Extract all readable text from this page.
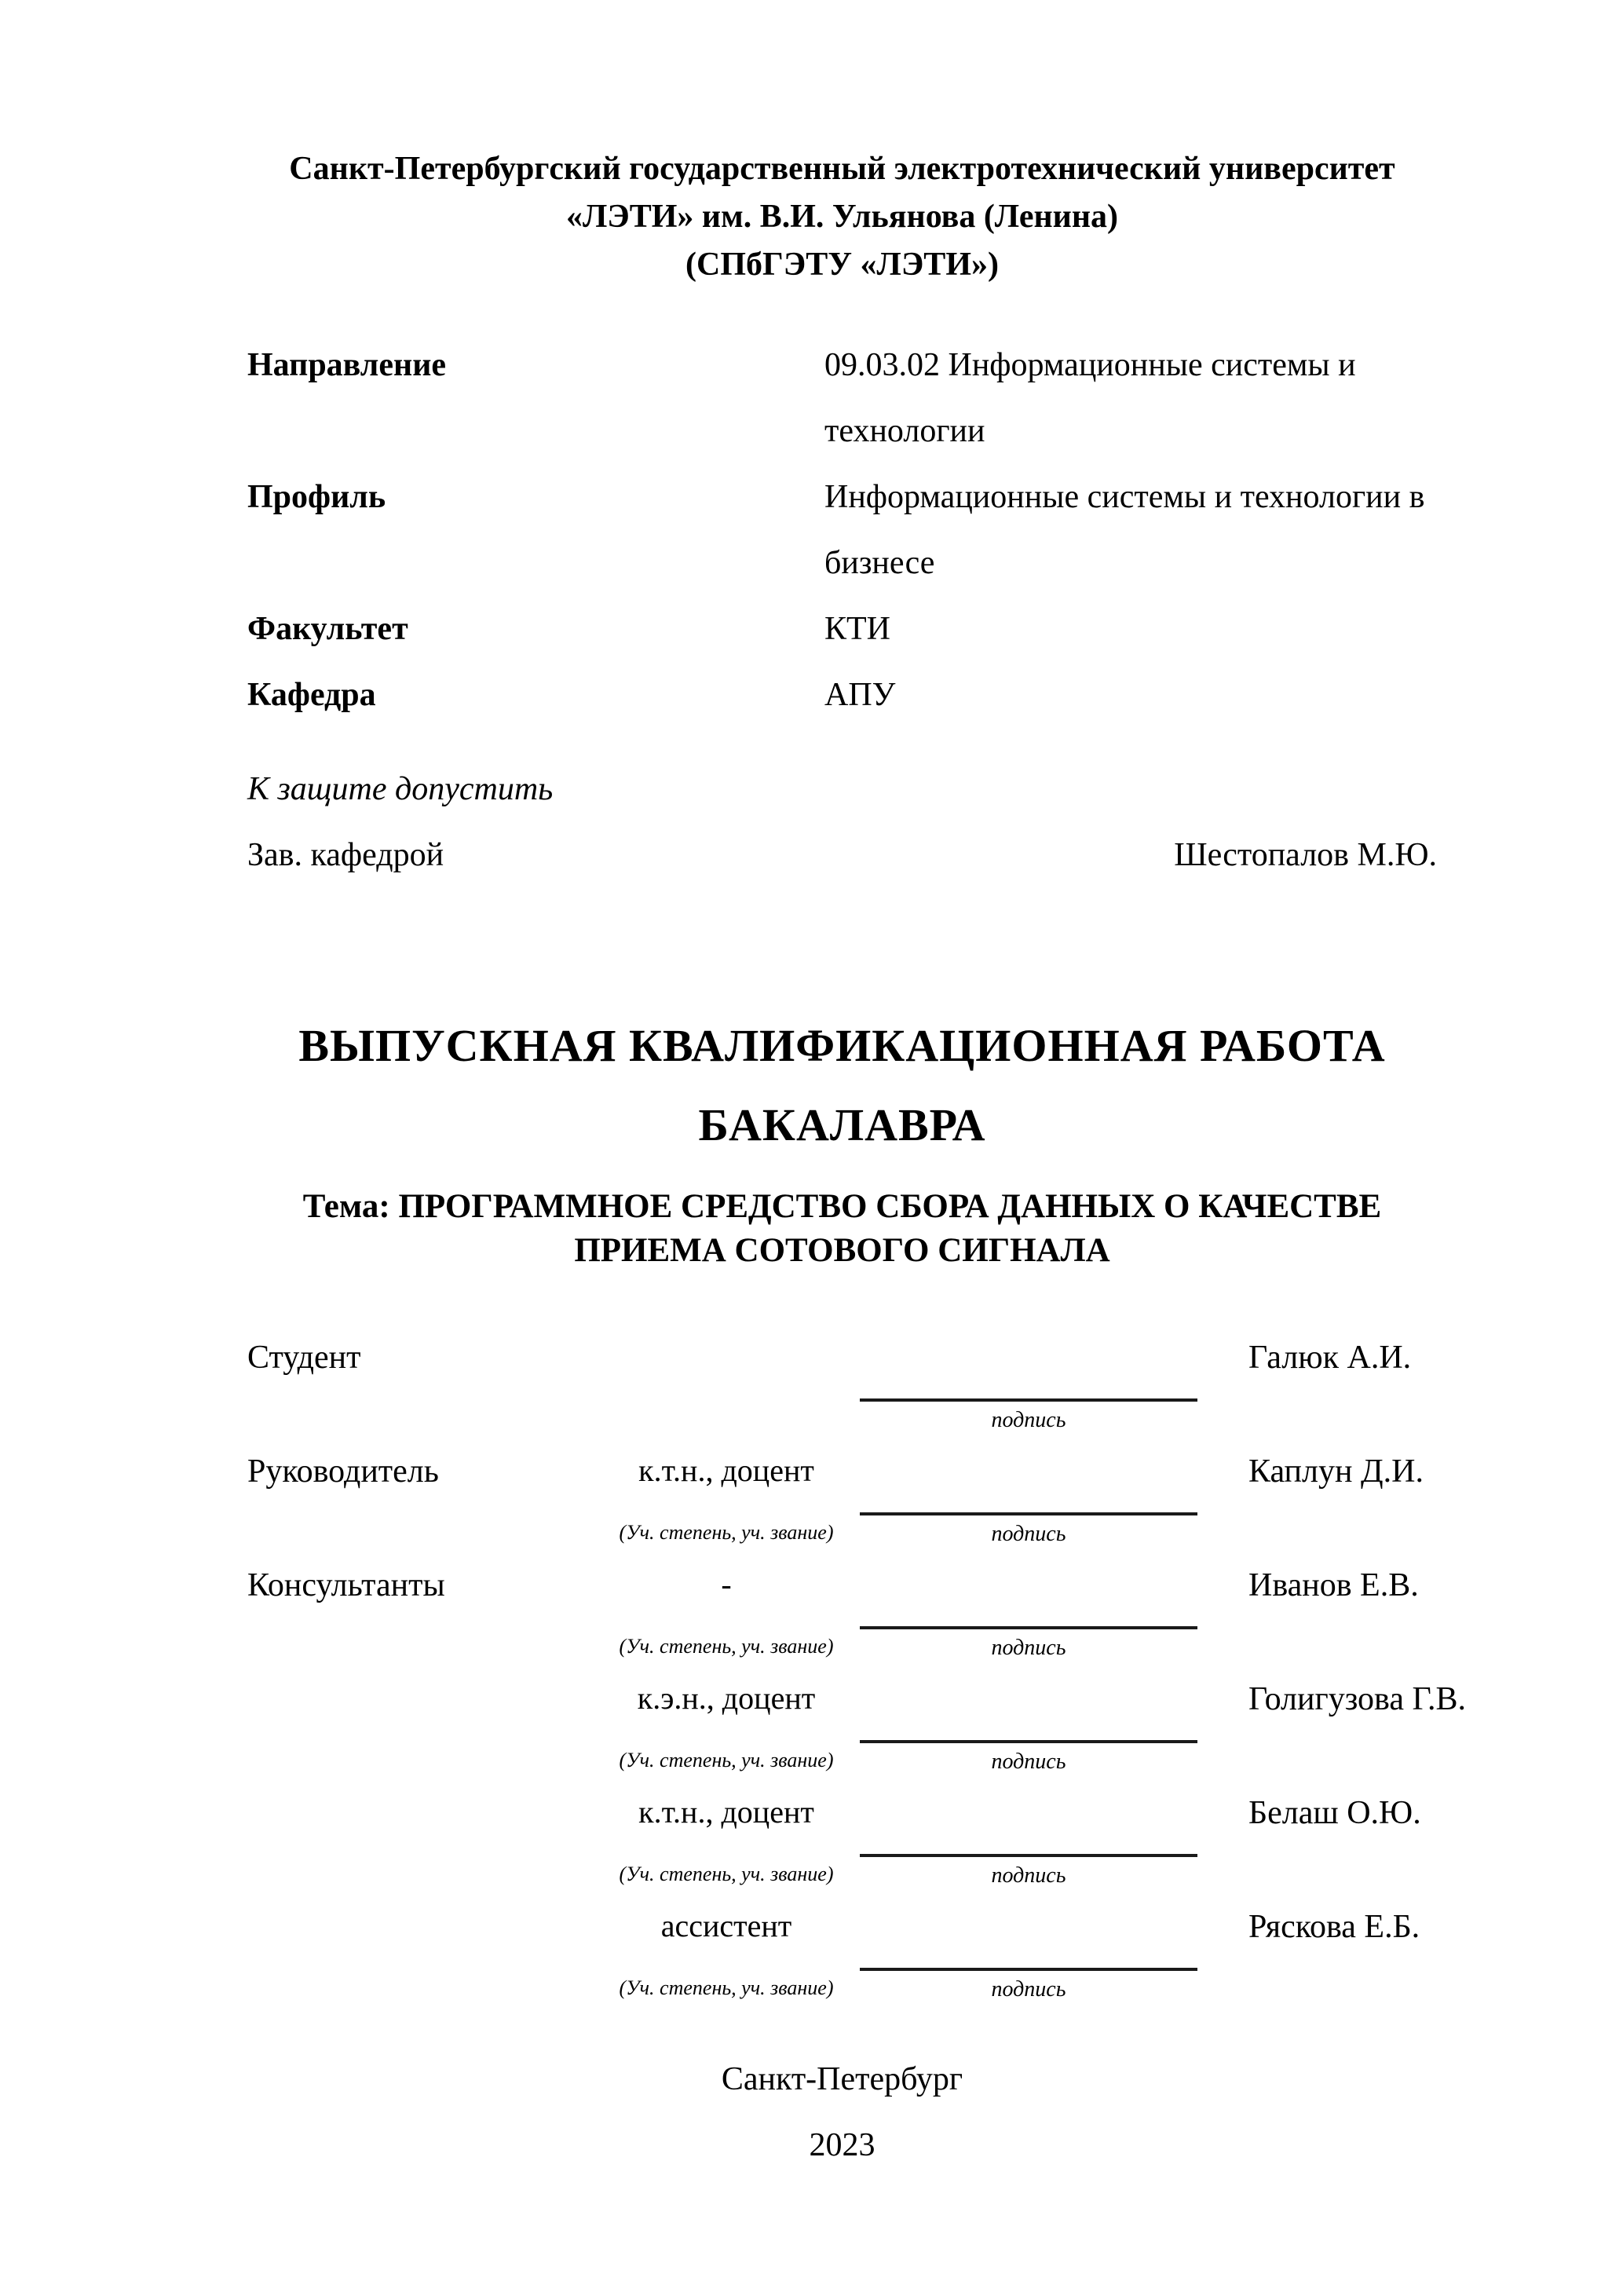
Санкт-Петербургский государственный электротехнический университет
«ЛЭТИ» им. В.И. Ульянова (Ленина)
(СПбГЭТУ «ЛЭТИ»)
Направление	09.03.02 Информационные системы и технологии
Профиль	Информационные системы и технологии в бизнесе
Факультет	КТИ
Кафедра	АПУ
К защите допустить
Зав. кафедрой	Шестопалов М.Ю.
ВЫПУСКНАЯ КВАЛИФИКАЦИОННАЯ РАБОТА
БАКАЛАВРА
Тема: ПРОГРАММНОЕ СРЕДСТВО СБОРА ДАННЫХ О КАЧЕСТВЕ
ПРИЕМА СОТОВОГО СИГНАЛА
Студент	Галюк А.И.
подпись
Руководитель	к.т.н., доцент	Каплун Д.И.
(Уч. степень, уч. звание)	подпись
Консультанты	-	Иванов Е.В.
(Уч. степень, уч. звание)	подпись
к.э.н., доцент	Голигузова Г.В.
(Уч. степень, уч. звание)	подпись
к.т.н., доцент	Белаш О.Ю.
(Уч. степень, уч. звание)	подпись
ассистент	Ряскова Е.Б.
(Уч. степень, уч. звание)	подпись
Санкт-Петербург
2023
